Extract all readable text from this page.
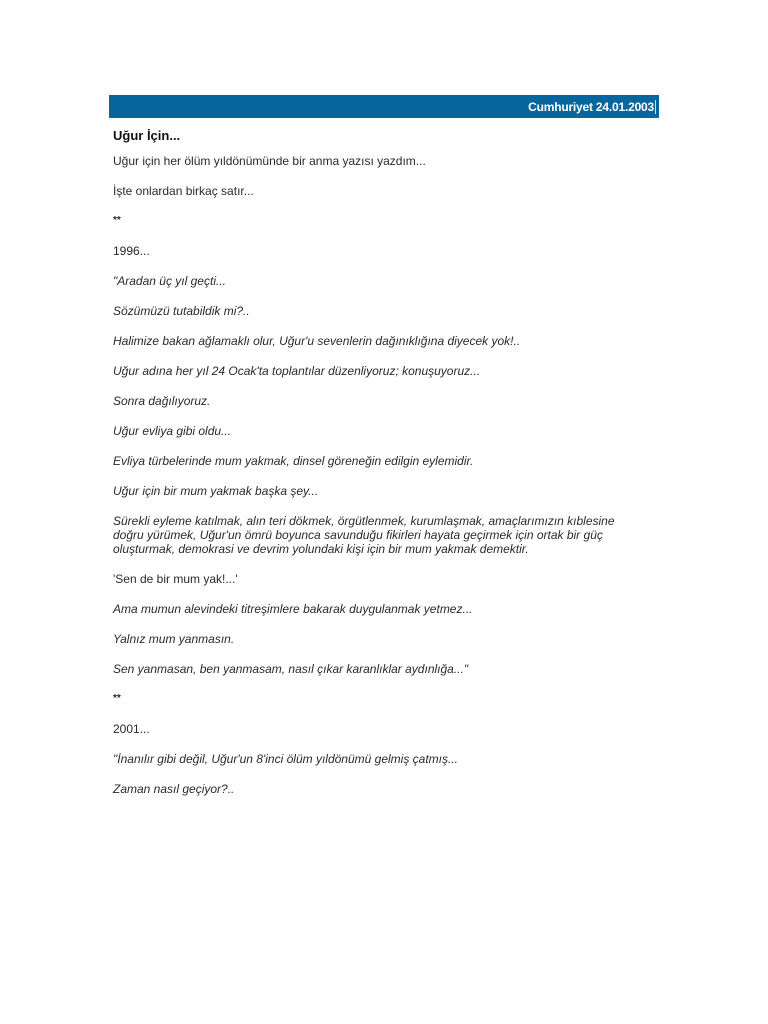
Cumhuriyet 24.01.2003
Uğur İçin...

Uğur için her ölüm yıldönümünde bir anma yazısı yazdım...

İşte onlardan birkaç satır...

**

1996...

"Aradan üç yıl geçti...

Sözümüzü tutabildik mi?..

Halimize bakan ağlamaklı olur, Uğur'u sevenlerin dağınıklığına diyecek yok!..

Uğur adına her yıl 24 Ocak'ta toplantılar düzenliyoruz; konuşuyoruz...

Sonra dağılıyoruz.

Uğur evliya gibi oldu...

Evliya türbelerinde mum yakmak, dinsel göreneğin edilgin eylemidir.

Uğur için bir mum yakmak başka şey...

Sürekli eyleme katılmak, alın teri dökmek, örgütlenmek, kurumlaşmak, amaçlarımızın kıblesine doğru yürümek, Uğur'un ömrü boyunca savunduğu fikirleri hayata geçirmek için ortak bir güç oluşturmak, demokrasi ve devrim yolundaki kişi için bir mum yakmak demektir.

'Sen de bir mum yak!...'

Ama mumun alevindeki titreşimlere bakarak duygulanmak yetmez...

Yalnız mum yanmasın.

Sen yanmasan, ben yanmasam, nasıl çıkar karanlıklar aydınlığa..."

**

2001...

"İnanılır gibi değil, Uğur'un 8'inci ölüm yıldönümü gelmiş çatmış...

Zaman nasıl geçiyor?..
